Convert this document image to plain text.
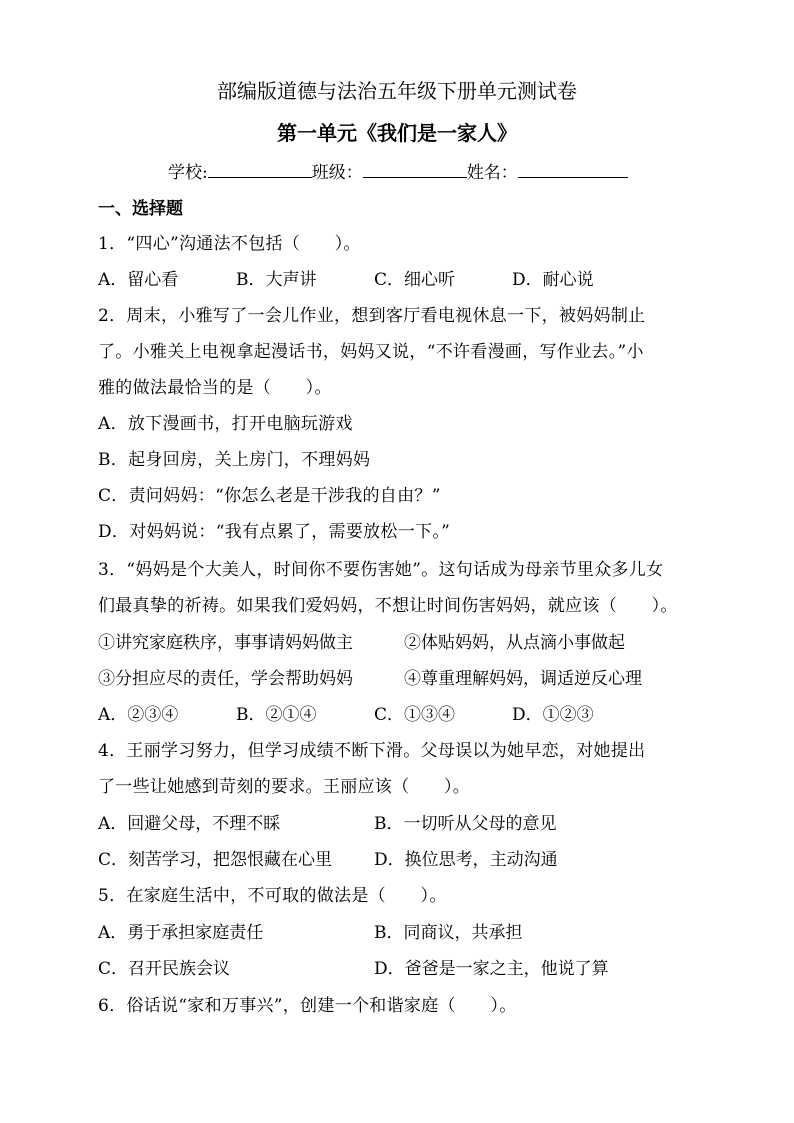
部编版道德与法治五年级下册单元测试卷
第一单元《我们是一家人》
学校:	班级：	姓名：
一、选择题
1．“四心”沟通法不包括（　　）。
A．留心看	B．大声讲	C．细心听	D．耐心说
2．周末，小雅写了一会儿作业，想到客厅看电视休息一下，被妈妈制止
了。小雅关上电视拿起漫话书，妈妈又说，“不许看漫画，写作业去。”小
雅的做法最恰当的是（　　）。
A．放下漫画书，打开电脑玩游戏
B．起身回房，关上房门，不理妈妈
C．责问妈妈：“你怎么老是干涉我的自由？”
D．对妈妈说：“我有点累了，需要放松一下。”
3．“妈妈是个大美人，时间你不要伤害她”。这句话成为母亲节里众多儿女
们最真挚的祈祷。如果我们爱妈妈，不想让时间伤害妈妈，就应该（　　）。
①讲究家庭秩序，事事请妈妈做主	②体贴妈妈，从点滴小事做起
③分担应尽的责任，学会帮助妈妈	④尊重理解妈妈，调适逆反心理
A．②③④	B．②①④	C．①③④	D．①②③
4．王丽学习努力，但学习成绩不断下滑。父母误以为她早恋，对她提出
了一些让她感到苛刻的要求。王丽应该（　　）。
A．回避父母，不理不睬	B．一切听从父母的意见
C．刻苦学习，把怨恨藏在心里 D．换位思考，主动沟通
5．在家庭生活中，不可取的做法是（　　）。
A．勇于承担家庭责任	B．同商议，共承担
C．召开民族会议	D．爸爸是一家之主，他说了算
6．俗话说“家和万事兴”，创建一个和谐家庭（　　）。
